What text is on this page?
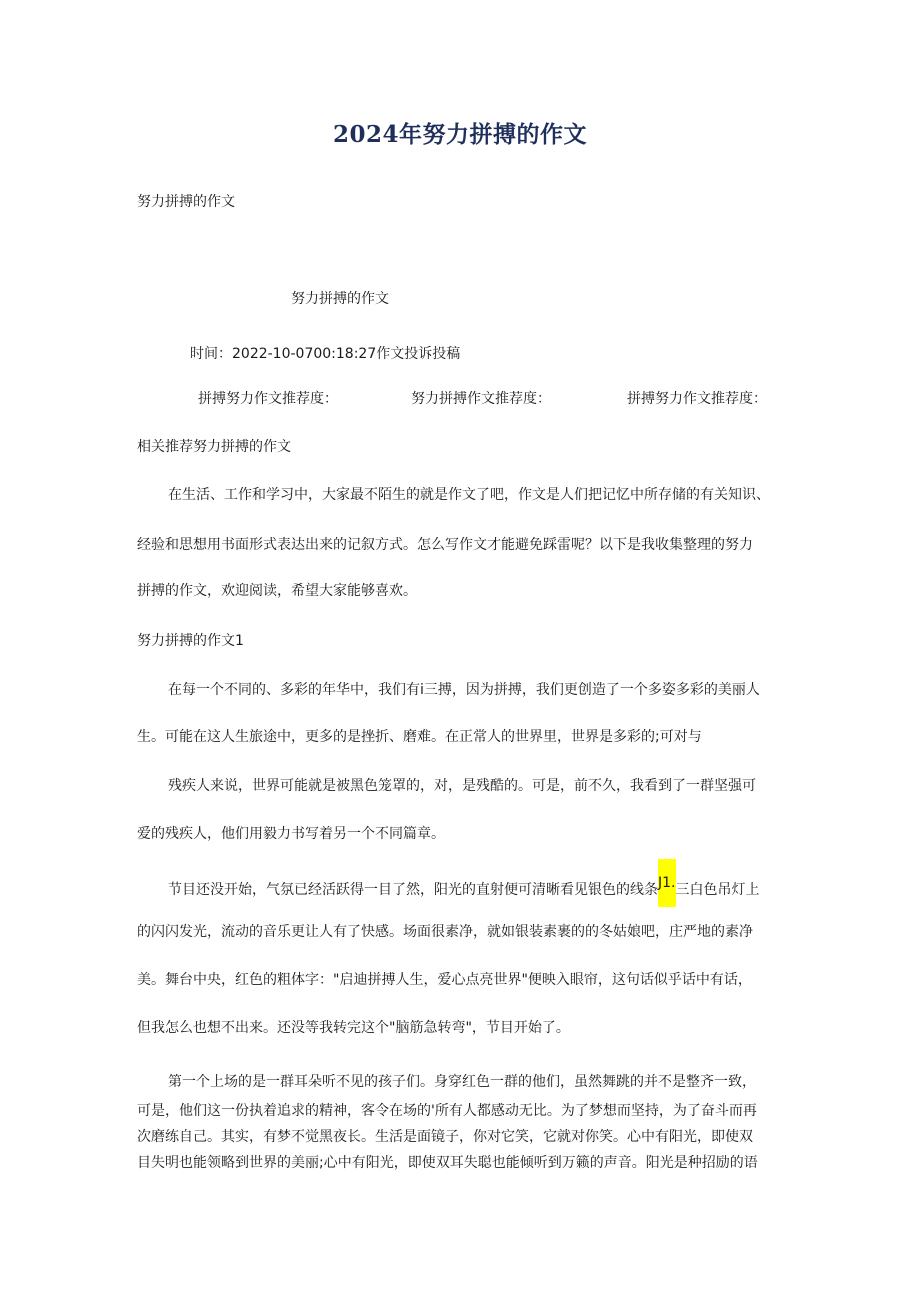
2024年努力拼搏的作文
努力拼搏的作文
努力拼搏的作文
时间：2022-10-0700:18:27作文投诉投稿
拼搏努力作文推荐度：	努力拼搏作文推荐度：	拼搏努力作文推荐度：
相关推荐努力拼搏的作文
在生活、工作和学习中，大家最不陌生的就是作文了吧，作文是人们把记忆中所存储的有关知识、
经验和思想用书面形式表达出来的记叙方式。怎么写作文才能避免踩雷呢？以下是我收集整理的努力
拼搏的作文，欢迎阅读，希望大家能够喜欢。
努力拼搏的作文1
在每一个不同的、多彩的年华中，我们有i三搏，因为拼搏，我们更创造了一个多姿多彩的美丽人
生。可能在这人生旅途中，更多的是挫折、磨难。在正常人的世界里，世界是多彩的;可对与
残疾人来说，世界可能就是被黑色笼罩的，对，是残酷的。可是，前不久，我看到了一群坚强可
爱的残疾人，他们用毅力书写着另一个不同篇章。
节目还没开始，气氛已经活跃得一目了然，阳光的直射便可清晰看见银色的线条J1.三白色吊灯上
的闪闪发光，流动的音乐更让人有了快感。场面很素净，就如银装素裹的的冬姑娘吧，庄严地的素净
美。舞台中央，红色的粗体字："启迪拼搏人生，爱心点亮世界"便映入眼帘，这句话似乎话中有话，
但我怎么也想不出来。还没等我转完这个"脑筋急转弯"，节目开始了。
第一个上场的是一群耳朵听不见的孩子们。身穿红色一群的他们，虽然舞跳的并不是整齐一致，
可是，他们这一份执着追求的精神，客令在场的'所有人都感动无比。为了梦想而坚持，为了奋斗而再
次磨练自己。其实，有梦不觉黑夜长。生活是面镜子，你对它笑，它就对你笑。心中有阳光，即使双
目失明也能领略到世界的美丽;心中有阳光，即使双耳失聪也能倾听到万籁的声音。阳光是种招励的语
